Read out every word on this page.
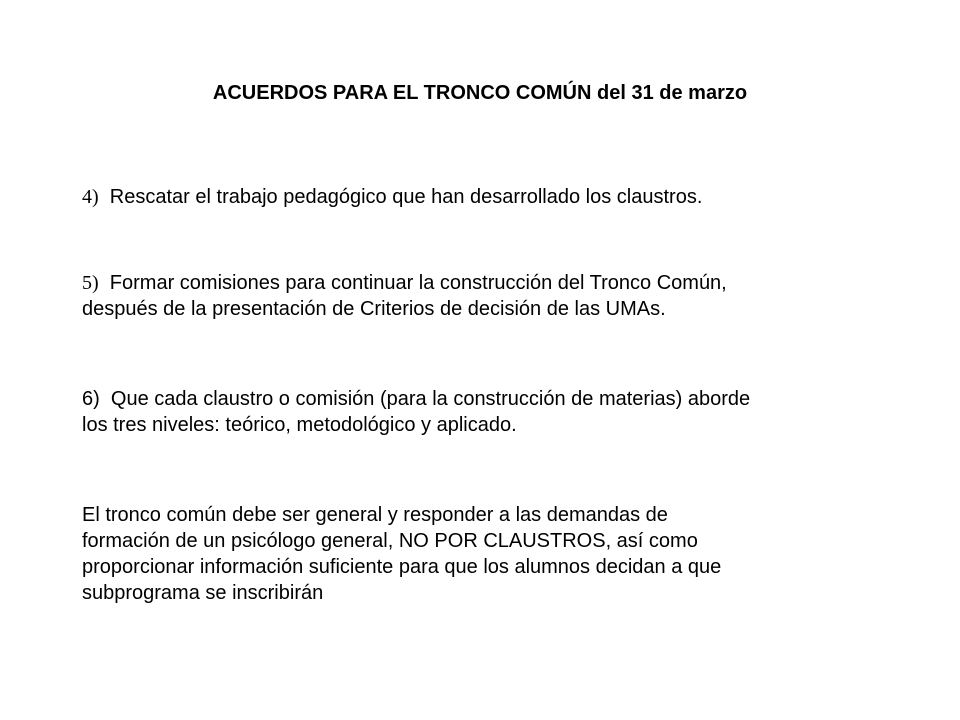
ACUERDOS PARA EL TRONCO COMÚN del 31 de marzo
4) Rescatar el trabajo pedagógico que han desarrollado los claustros.
5) Formar comisiones para continuar la construcción del Tronco Común,
después de la presentación de Criterios de decisión de las UMAs.
6) Que cada claustro o comisión (para la construcción de materias) aborde
los tres niveles: teórico, metodológico y aplicado.
El tronco común debe ser general y responder a las demandas de
formación de un psicólogo general, NO POR CLAUSTROS, así como
proporcionar información suficiente para que los alumnos decidan a que
subprograma se inscribirán
